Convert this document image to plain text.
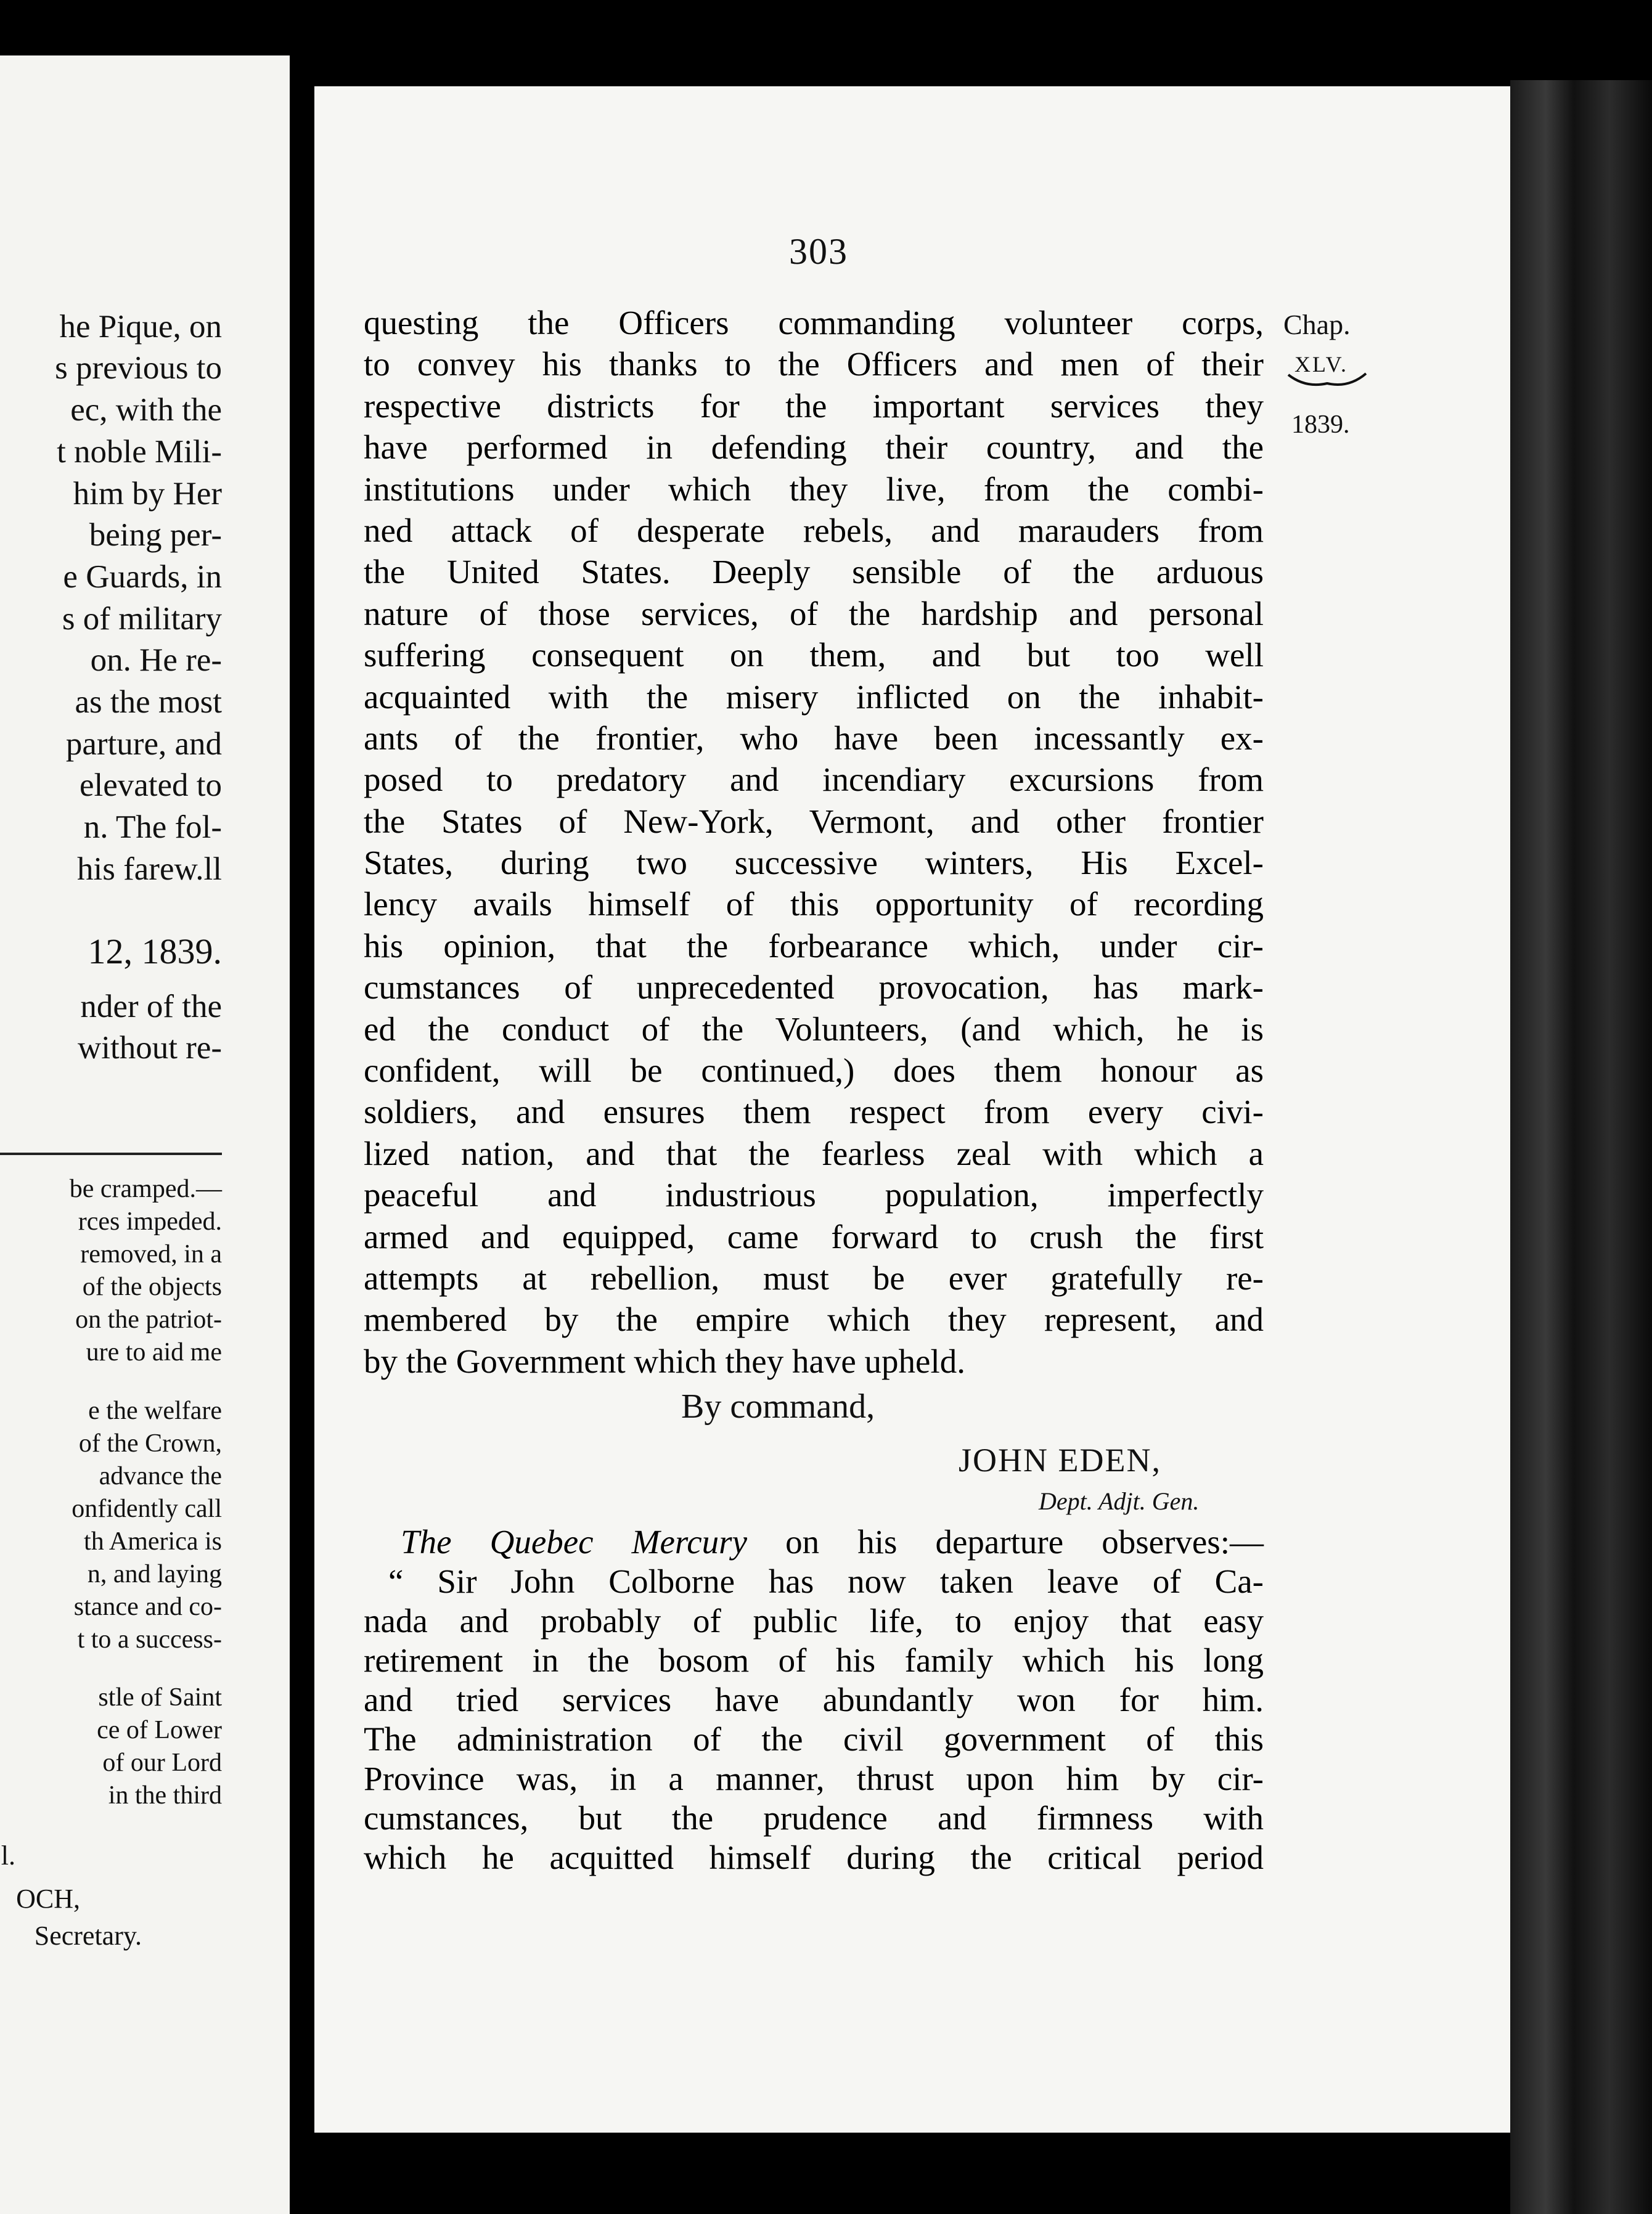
he Pique, on
s previous to
ec, with the
t noble Mili-
him by Her
being per-
e Guards, in
s of military
on. He re-
as the most
parture, and
elevated to
n. The fol-
his farew.ll
12, 1839.
nder of the
without re-
be cramped.—
rces impeded.
removed, in a
of the objects
on the patriot-
ure to aid me
e the welfare
of the Crown,
advance the
onfidently call
th America is
n, and laying
stance and co-
t to a success-
stle of Saint
ce of Lower
of our Lord
in the third
l.
OCH,
Secretary.
303
questing the Officers commanding volunteer corps,
to convey his thanks to the Officers and men of their
respective districts for the important services they
have performed in defending their country, and the
institutions under which they live, from the combi-
ned attack of desperate rebels, and marauders from
the United States. Deeply sensible of the arduous
nature of those services, of the hardship and personal
suffering consequent on them, and but too well
acquainted with the misery inflicted on the inhabit-
ants of the frontier, who have been incessantly ex-
posed to predatory and incendiary excursions from
the States of New-York, Vermont, and other frontier
States, during two successive winters, His Excel-
lency avails himself of this opportunity of recording
his opinion, that the forbearance which, under cir-
cumstances of unprecedented provocation, has mark-
ed the conduct of the Volunteers, (and which, he is
confident, will be continued,) does them honour as
soldiers, and ensures them respect from every civi-
lized nation, and that the fearless zeal with which a
peaceful and industrious population, imperfectly
armed and equipped, came forward to crush the first
attempts at rebellion, must be ever gratefully re-
membered by the empire which they represent, and
by the Government which they have upheld.
Chap.
XLV.
1839.
By command,
JOHN EDEN,
Dept. Adjt. Gen.
The Quebec Mercury on his departure observes:—
“ Sir John Colborne has now taken leave of Ca-
nada and probably of public life, to enjoy that easy
retirement in the bosom of his family which his long
and tried services have abundantly won for him.
The administration of the civil government of this
Province was, in a manner, thrust upon him by cir-
cumstances, but the prudence and firmness with
which he acquitted himself during the critical period
